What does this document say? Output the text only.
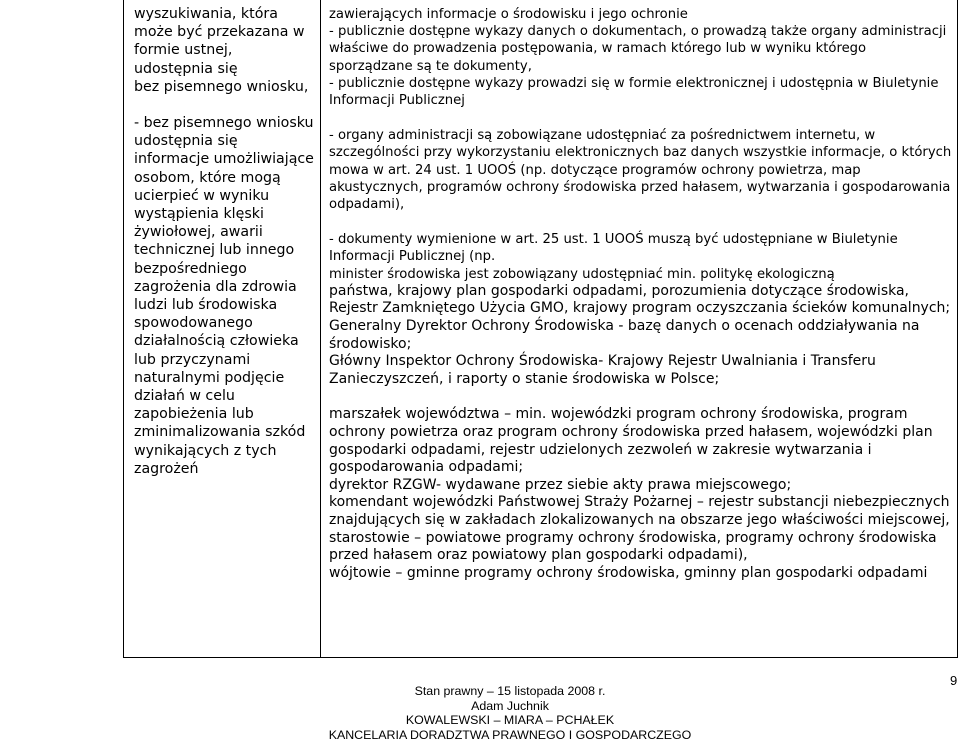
wyszukiwania, która może być przekazana w formie ustnej, udostępnia się

bez pisemnego wniosku,

- bez pisemnego wniosku udostępnia się informacje umożliwiające osobom, które mogą ucierpieć w wyniku wystąpienia klęski żywiołowej, awarii technicznej lub innego bezpośredniego zagrożenia dla zdrowia ludzi lub środowiska spowodowanego działalnością człowieka lub przyczynami naturalnymi podjęcie działań w celu zapobieżenia lub zminimalizowania szkód wynikających z tych zagrożeń

zawierających informacje o środowisku i jego ochronie

- publicznie dostępne wykazy danych o dokumentach, o prowadzą także organy administracji właściwe do prowadzenia postępowania, w ramach którego lub w wyniku którego sporządzane są te dokumenty,

- publicznie dostępne wykazy prowadzi się w formie elektronicznej i udostępnia w Biuletynie Informacji Publicznej

- organy administracji są zobowiązane udostępniać za pośrednictwem internetu, w szczególności przy wykorzystaniu elektronicznych baz danych wszystkie informacje, o których mowa w art. 24 ust. 1 UOOŚ (np. dotyczące programów ochrony powietrza, map akustycznych, programów ochrony środowiska przed hałasem, wytwarzania i gospodarowania odpadami),

- dokumenty wymienione w art. 25 ust. 1 UOOŚ muszą być udostępniane w Biuletynie Informacji Publicznej (np.

minister środowiska jest zobowiązany udostępniać min. politykę ekologiczną

państwa, krajowy plan gospodarki odpadami, porozumienia dotyczące środowiska, Rejestr Zamkniętego Użycia GMO, krajowy program oczyszczania ścieków komunalnych;

Generalny Dyrektor Ochrony Środowiska - bazę danych o ocenach oddziaływania na środowisko;

Główny Inspektor Ochrony Środowiska- Krajowy Rejestr Uwalniania i Transferu Zanieczyszczeń, i raporty o stanie środowiska w Polsce;

marszałek województwa – min. wojewódzki program ochrony środowiska, program ochrony powietrza oraz program ochrony środowiska przed hałasem, wojewódzki plan gospodarki odpadami, rejestr udzielonych zezwoleń w zakresie wytwarzania i gospodarowania odpadami;

dyrektor RZGW- wydawane przez siebie akty prawa miejscowego;

komendant wojewódzki Państwowej Straży Pożarnej – rejestr substancji niebezpiecznych znajdujących się w zakładach zlokalizowanych na obszarze jego właściwości miejscowej,

starostowie – powiatowe programy ochrony środowiska, programy ochrony środowiska przed hałasem oraz powiatowy plan gospodarki odpadami),

wójtowie – gminne programy ochrony środowiska, gminny plan gospodarki odpadami

Stan prawny – 15 listopada 2008 r.
Adam Juchnik
KOWALEWSKI – MIARA – PCHAŁEK
KANCELARIA DORADZTWA PRAWNEGO I GOSPODARCZEGO
9
